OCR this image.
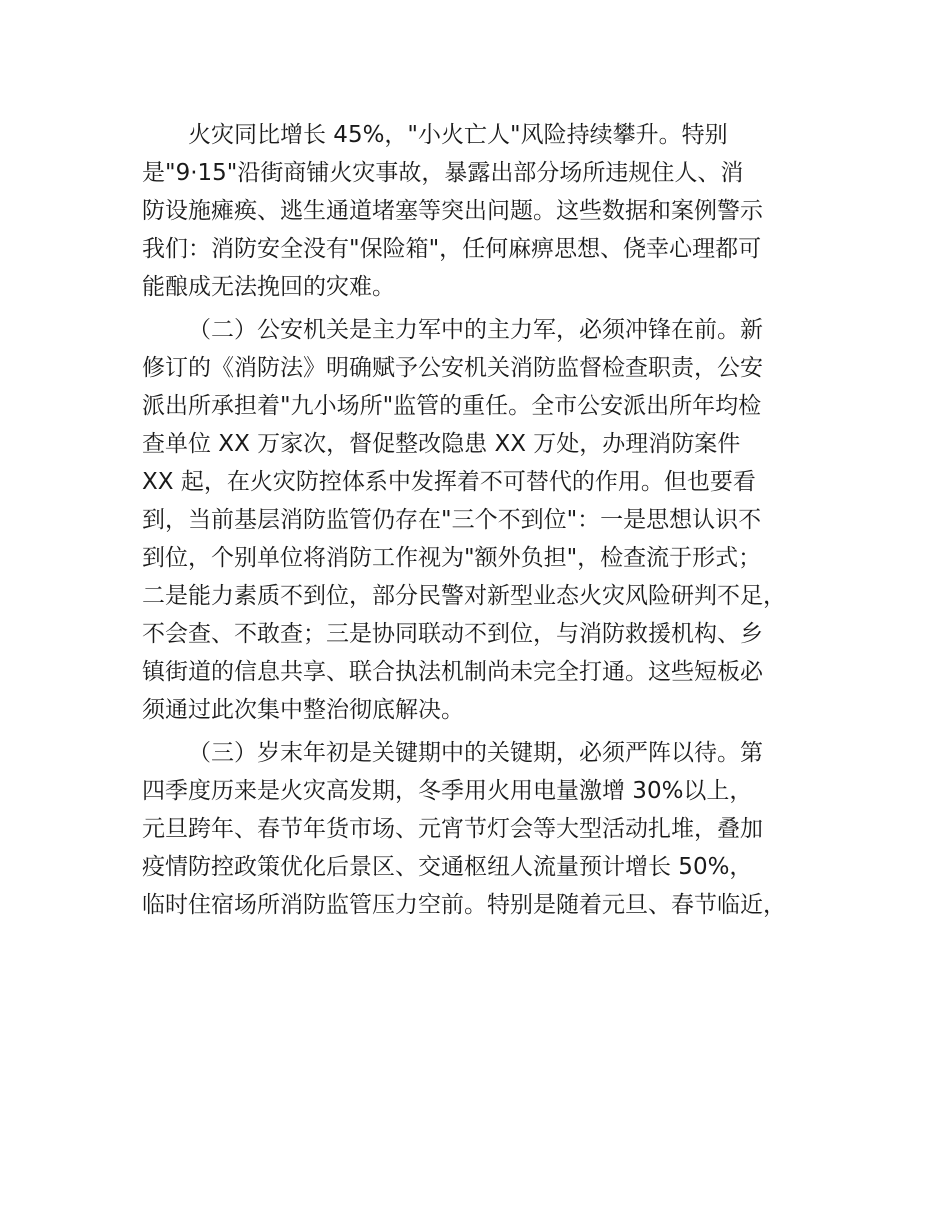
火灾同比增长 45%，"小火亡人"风险持续攀升。特别
是"9·15"沿街商铺火灾事故，暴露出部分场所违规住人、消
防设施瘫痪、逃生通道堵塞等突出问题。这些数据和案例警示
我们：消防安全没有"保险箱"，任何麻痹思想、侥幸心理都可
能酿成无法挽回的灾难。
（二）公安机关是主力军中的主力军，必须冲锋在前。新
修订的《消防法》明确赋予公安机关消防监督检查职责，公安
派出所承担着"九小场所"监管的重任。全市公安派出所年均检
查单位 XX 万家次，督促整改隐患 XX 万处，办理消防案件
XX 起，在火灾防控体系中发挥着不可替代的作用。但也要看
到，当前基层消防监管仍存在"三个不到位"：一是思想认识不
到位，个别单位将消防工作视为"额外负担"，检查流于形式；
二是能力素质不到位，部分民警对新型业态火灾风险研判不足，
不会查、不敢查；三是协同联动不到位，与消防救援机构、乡
镇街道的信息共享、联合执法机制尚未完全打通。这些短板必
须通过此次集中整治彻底解决。
（三）岁末年初是关键期中的关键期，必须严阵以待。第
四季度历来是火灾高发期，冬季用火用电量激增 30%以上，
元旦跨年、春节年货市场、元宵节灯会等大型活动扎堆，叠加
疫情防控政策优化后景区、交通枢纽人流量预计增长 50%，
临时住宿场所消防监管压力空前。特别是随着元旦、春节临近，
